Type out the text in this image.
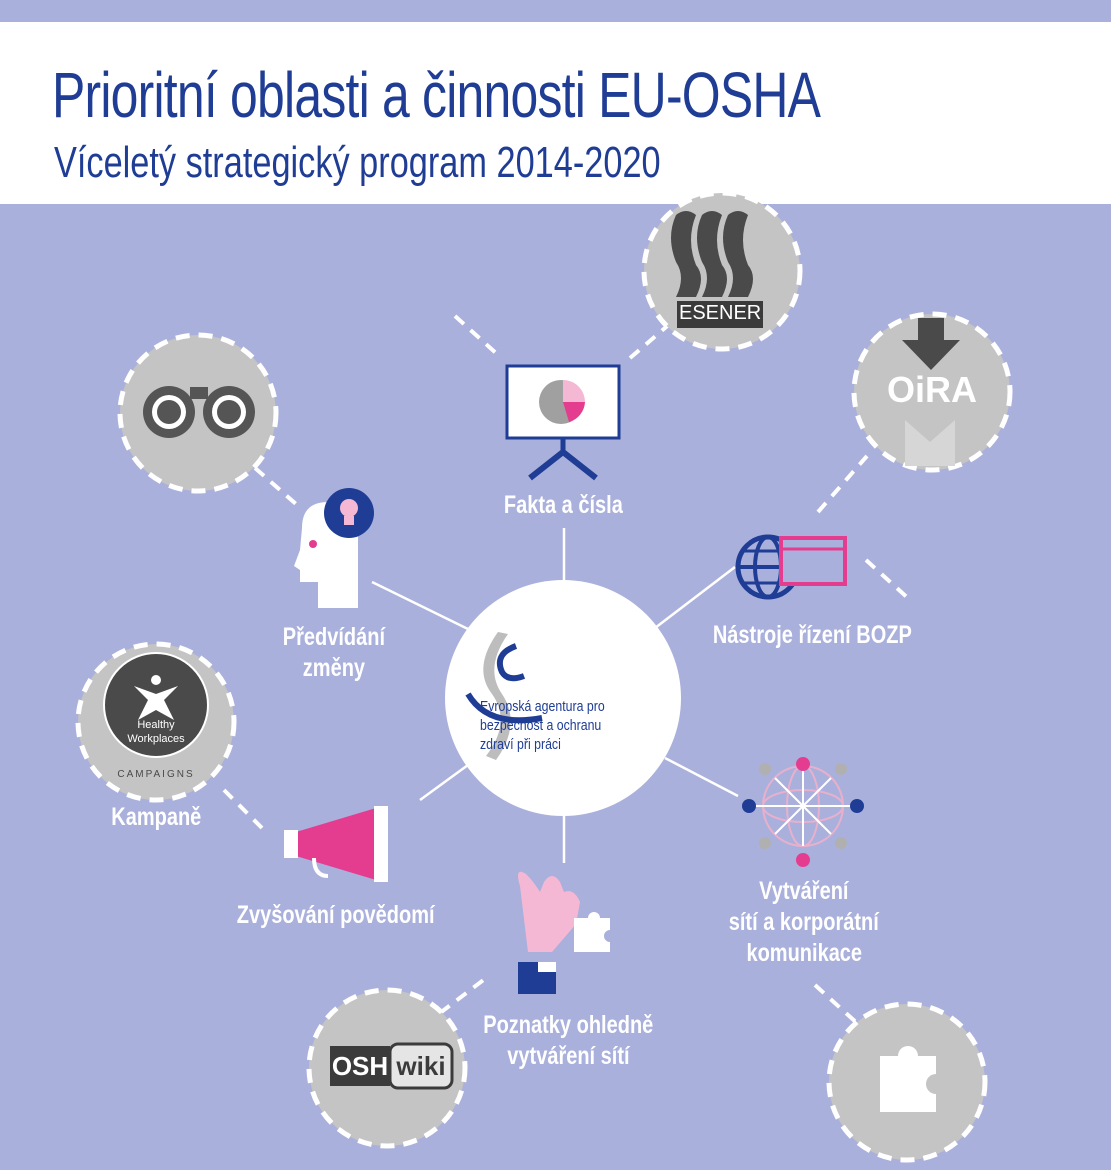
Prioritní oblasti a činnosti EU-OSHA
Víceletý strategický program 2014-2020
ESENER
OiRA
Healthy Workplaces
CAMPAIGNS
OSH wiki
Fakta a čísla
Nástroje řízení BOZP
Předvídání
změny
Kampaně
Zvyšování povědomí
Vytváření
sítí a korporátní
komunikace
Poznatky ohledně
vytváření sítí
Evropská agentura pro
bezpečnost a ochranu
zdraví při práci
